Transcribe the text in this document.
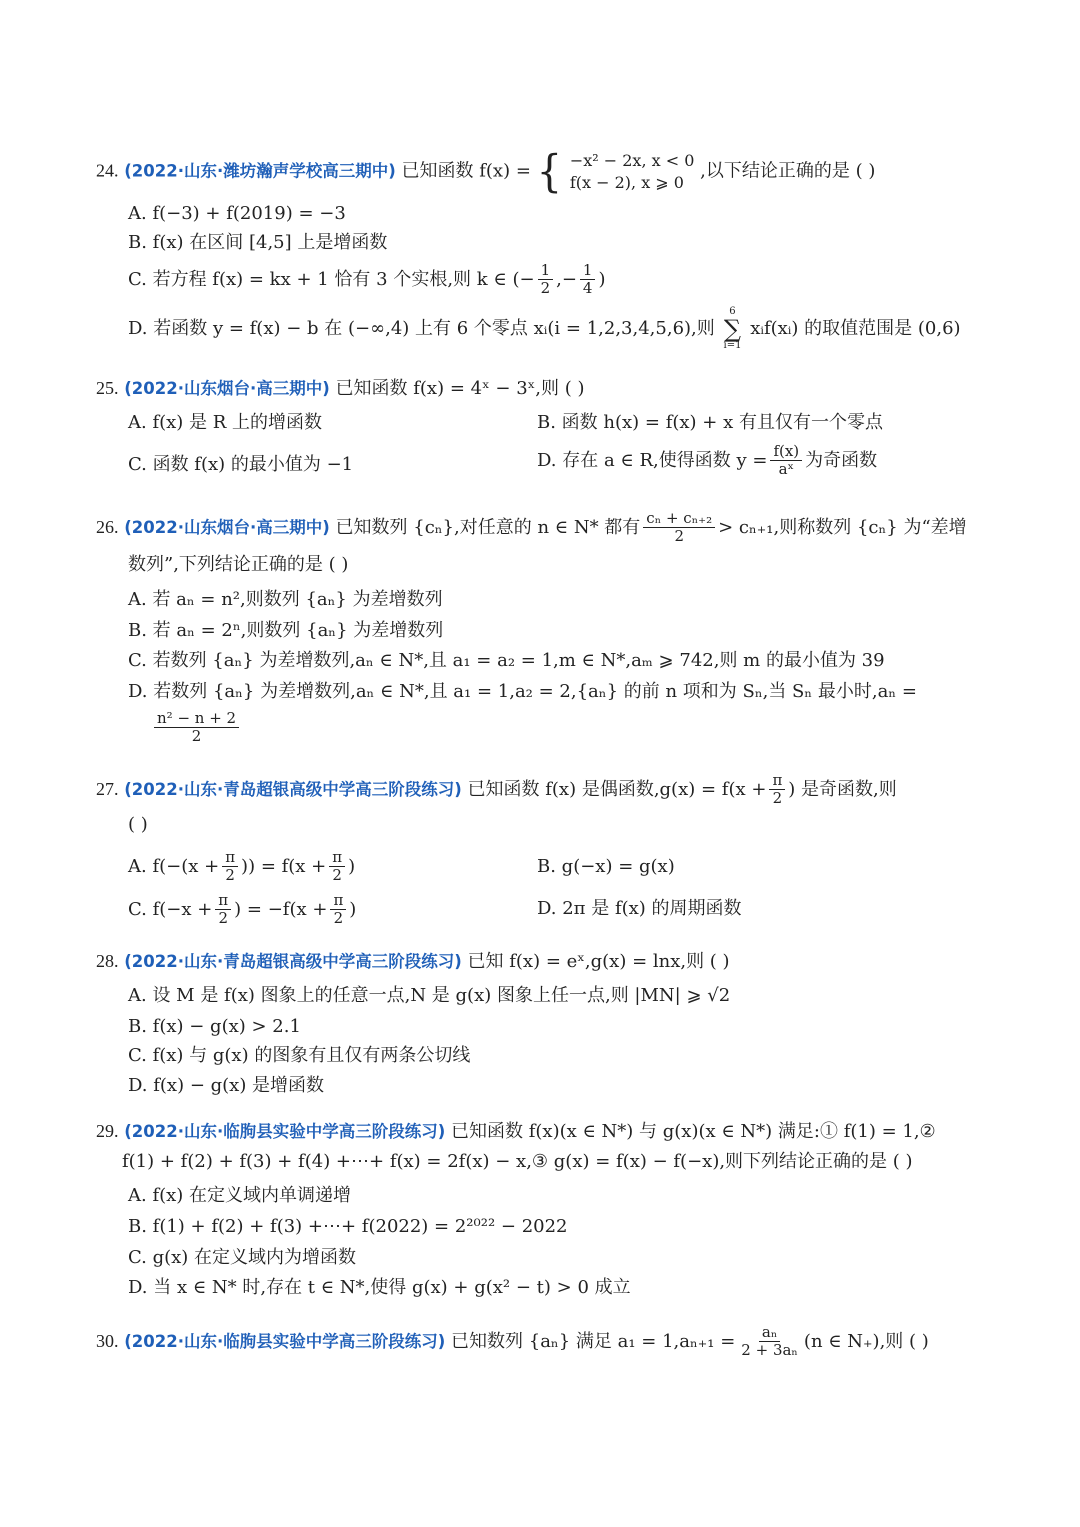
24. (2022·山东·潍坊瀚声学校高三期中) 已知函数 f(x) = { −x² − 2x, x < 0
f(x − 2), x ⩾ 0
,以下结论正确的是 ( )
A. f(−3) + f(2019) = −3
B. f(x) 在区间 [4,5] 上是增函数
C. 若方程 f(x) = kx + 1 恰有 3 个实根,则 k ∈ (− $\frac{1}{2}$ ,− $\frac{1}{4}$ )
D. 若函数 y = f(x) − b 在 (−∞,4) 上有 6 个零点 xᵢ(i = 1,2,3,4,5,6),则
6
∑
i=1
xᵢf(xᵢ) 的取值范围是 (0,6)
25. (2022·山东烟台·高三期中) 已知函数 f(x) = 4ˣ − 3ˣ,则 ( )
A. f(x) 是 R 上的增函数	B. 函数 h(x) = f(x) + x 有且仅有一个零点
C. 函数 f(x) 的最小值为 −1	D. 存在 a ∈ R,使得函数 $y = \frac{f(x)}{\text{aˣ}}$ 为奇函数
26. (2022·山东烟台·高三期中) 已知数列 {cₙ},对任意的 n ∈ N* 都有 $\frac{\text{cₙ + cₙ₊₂}}{2} > c_{n+1}$,则称数列 {cₙ} 为“差增
数列”,下列结论正确的是 ( )
A. 若 aₙ = n²,则数列 {aₙ} 为差增数列
B. 若 aₙ = 2ⁿ,则数列 {aₙ} 为差增数列
C. 若数列 {aₙ} 为差增数列,aₙ ∈ N*,且 a₁ = a₂ = 1,m ∈ N*,aₘ ⩾ 742,则 m 的最小值为 39
D. 若数列 {aₙ} 为差增数列,aₙ ∈ N*,且 a₁ = 1,a₂ = 2,{aₙ} 的前 n 项和为 Sₙ,当 Sₙ 最小时,aₙ =
$\frac{\text{n² − n + 2}}{2}$
27. (2022·山东·青岛超银高级中学高三阶段练习) 已知函数 f(x) 是偶函数$,g(x) = f(x + \frac{\pi}{2}$ ) 是奇函数,则
( )
A. $f(-(x + \frac{\pi}{2}$ )) = $f(x + \frac{\pi}{2}$ )	B. g(−x) = g(x)
C. $f(-x + \frac{\pi}{2}$ ) = $-f(x + \frac{\pi}{2}$ )	D. 2π 是 f(x) 的周期函数
28. (2022·山东·青岛超银高级中学高三阶段练习) 已知 f(x) = eˣ,g(x) = lnx,则 ( )
A. 设 M 是 f(x) 图象上的任意一点,N 是 g(x) 图象上任一点,则 |MN| ⩾ √2
B. f(x) − g(x) > 2.1
C. f(x) 与 g(x) 的图象有且仅有两条公切线
D. f(x) − g(x) 是增函数
29. (2022·山东·临朐县实验中学高三阶段练习) 已知函数 f(x)(x ∈ N*) 与 g(x)(x ∈ N*) 满足:① f(1) = 1,②
f(1) + f(2) + f(3) + f(4) +⋯+ f(x) = 2f(x) − x,③ g(x) = f(x) − f(−x),则下列结论正确的是 ( )
A. f(x) 在定义域内单调递增
B. f(1) + f(2) + f(3) +⋯+ f(2022) = 2²⁰²² − 2022
C. g(x) 在定义域内为增函数
D. 当 x ∈ N* 时,存在 t ∈ N*,使得 g(x) + g(x² − t) > 0 成立
30. (2022·山东·临朐县实验中学高三阶段练习) 已知数列 {aₙ} 满足 $a_1 = 1,a_{n+1} = \frac{\text{aₙ}}{\text{2 + 3aₙ}} (n$ ∈ N₊),则 ( )
